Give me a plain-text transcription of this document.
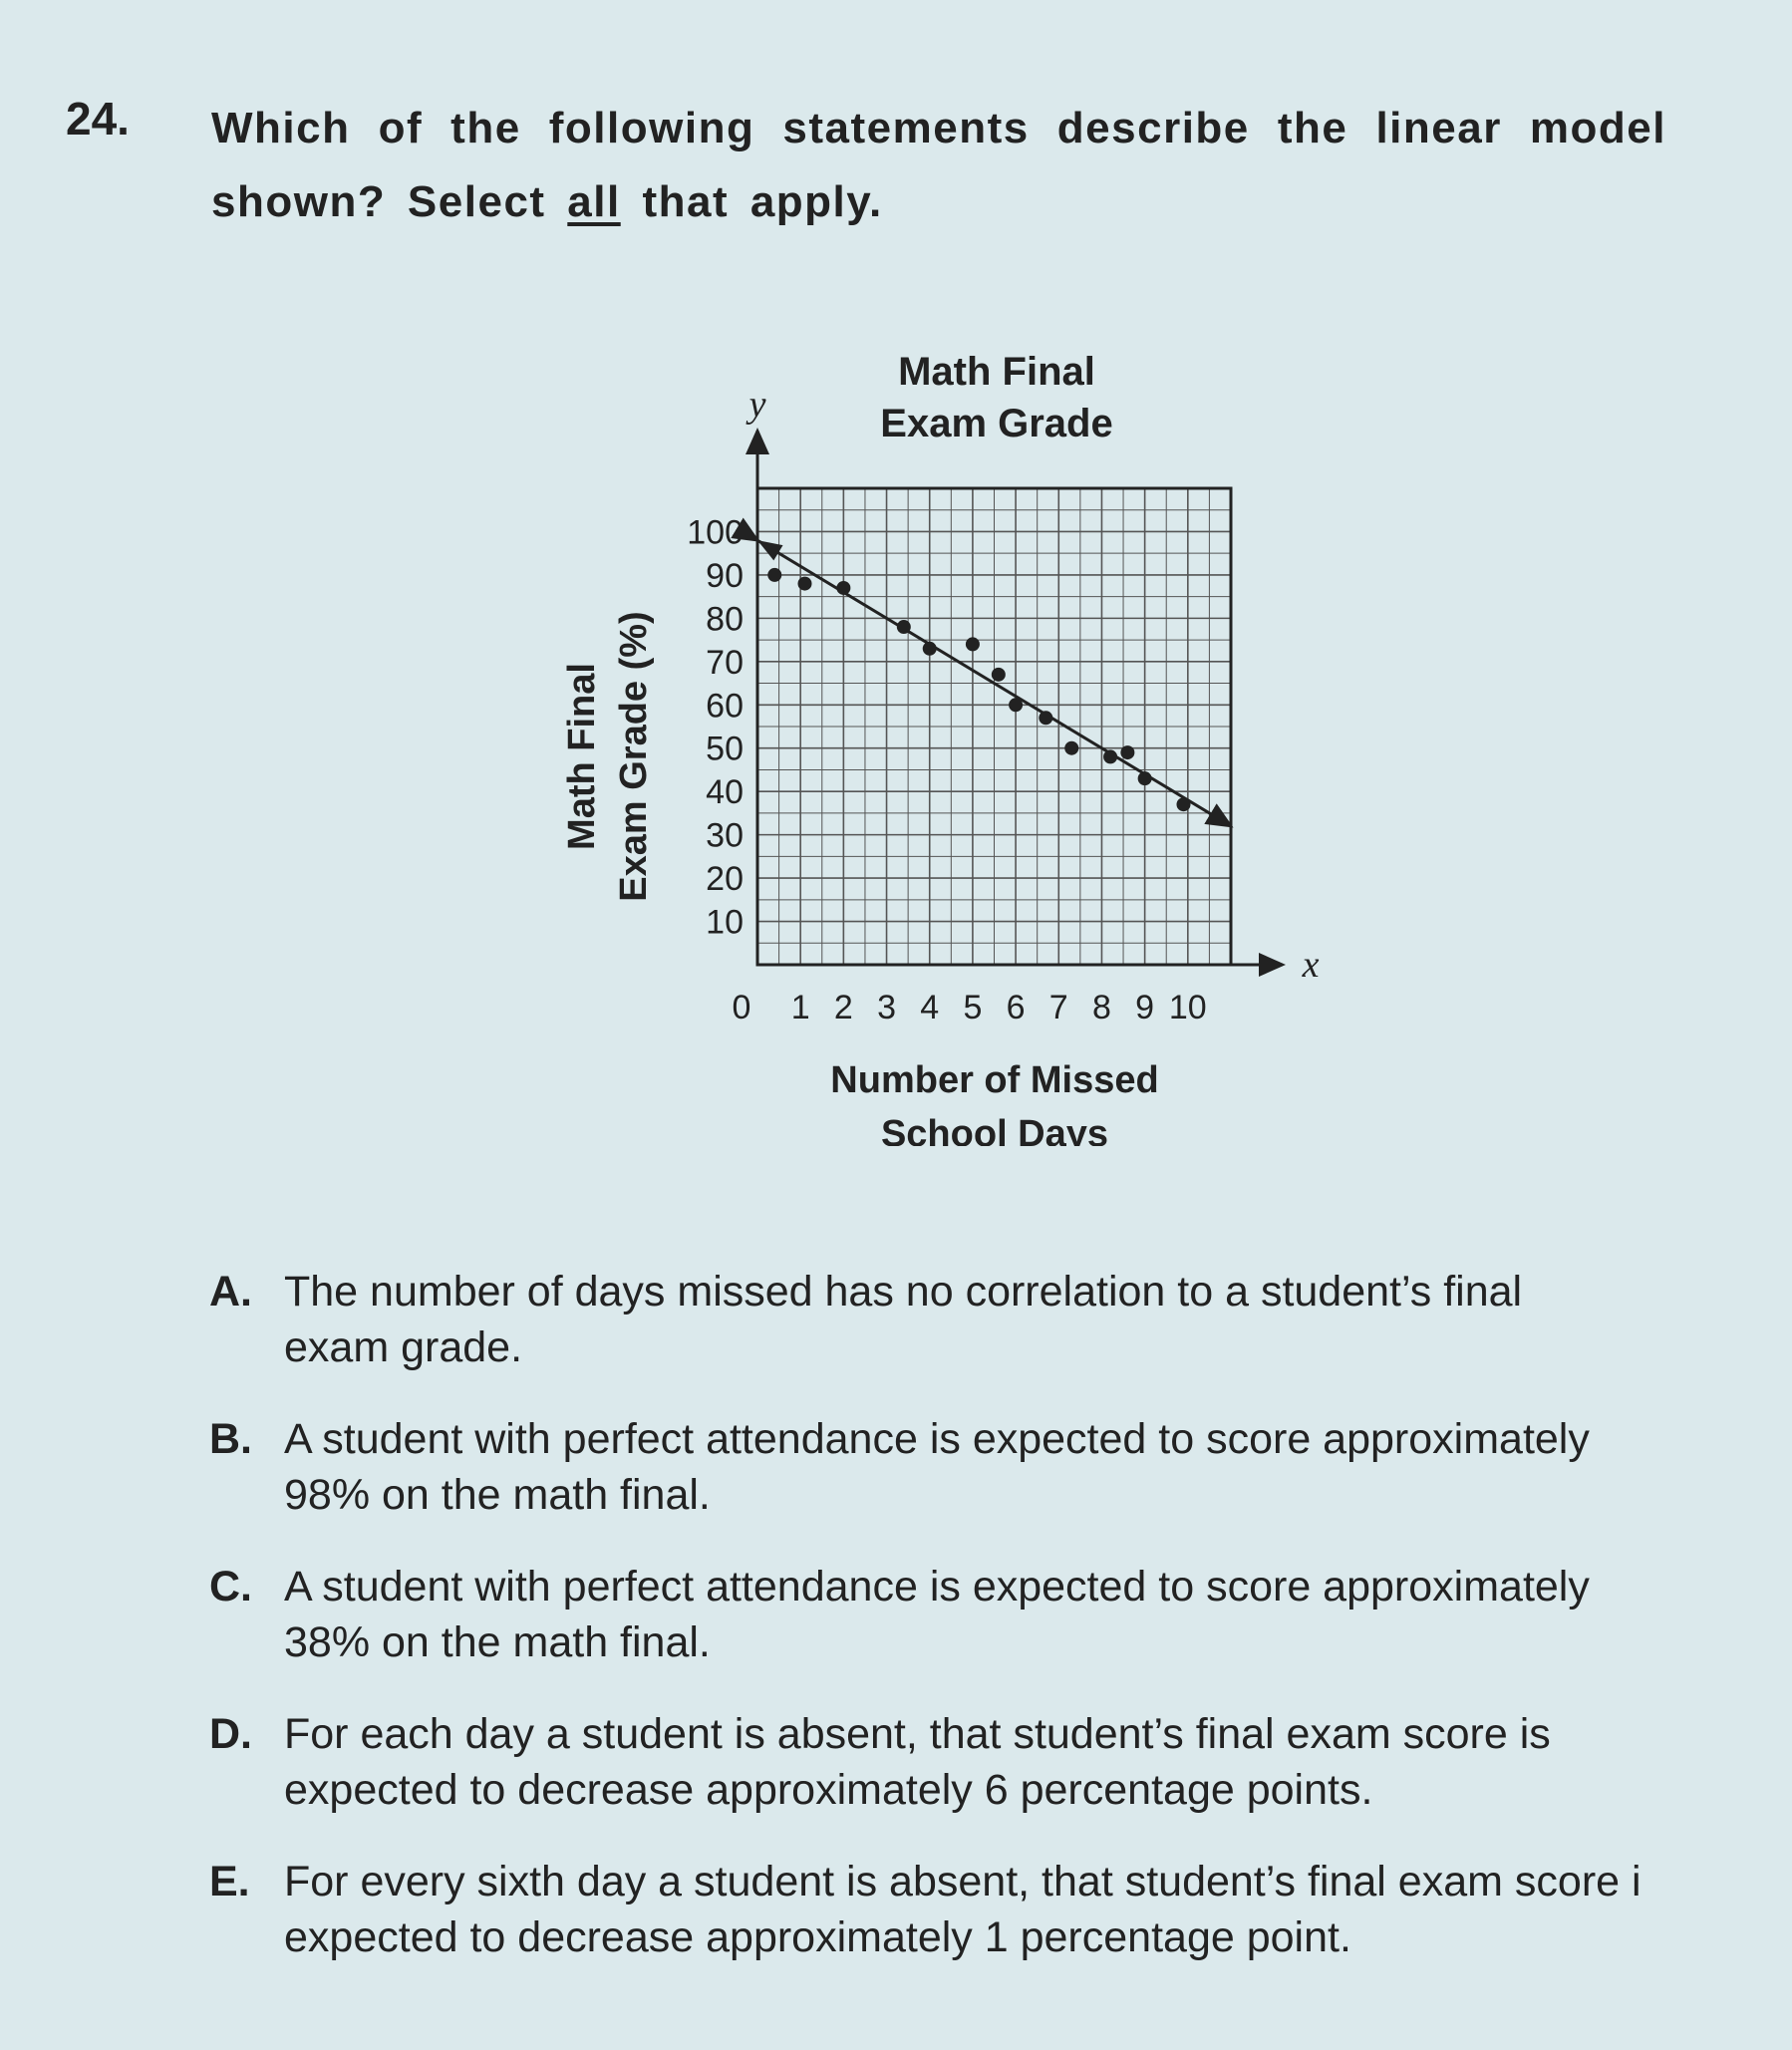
24. Which of the following statements describe the linear model shown? Select all that apply.
y
x
Math Final
Exam Grade
0 1 2 3 4 5 6 7 8 9 10
10
20
30
40
50
60
70
80
90
100
Number of Missed
School Days
Math Final Exam Grade (%)
A. The number of days missed has no correlation to a student’s final
exam grade.
B. A student with perfect attendance is expected to score approximately
98% on the math final.
C. A student with perfect attendance is expected to score approximately
38% on the math final.
D. For each day a student is absent, that student’s final exam score is
expected to decrease approximately 6 percentage points.
E. For every sixth day a student is absent, that student’s final exam score i
expected to decrease approximately 1 percentage point.
